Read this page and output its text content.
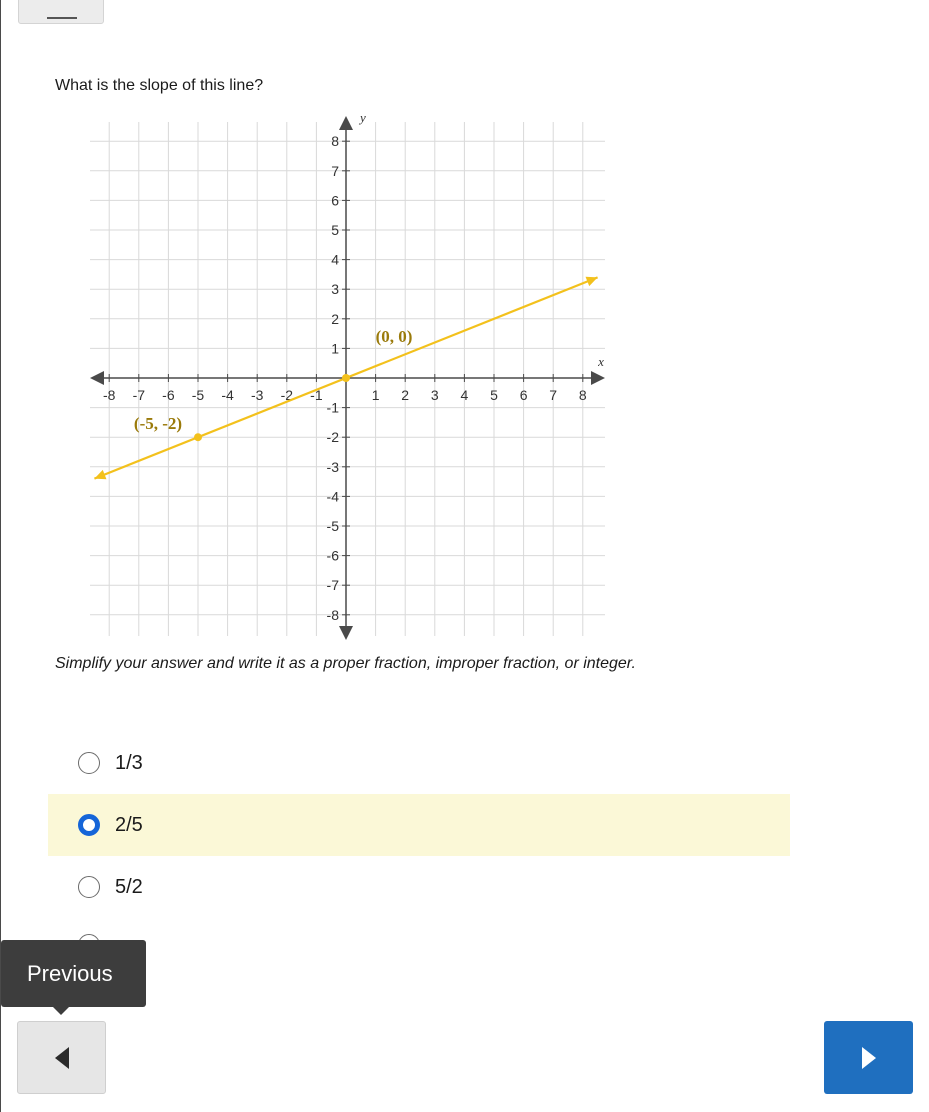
What is the slope of this line?
-8 -7 -6 -5 -4 -3 -2 -1	1 2 3 4 5 6 7 8
8
7
6
5
4
3
2
1
-1
-2
-3
-4
-5
-6
-7
-8
x
y
(0, 0)
(-5, -2)
Simplify your answer and write it as a proper fraction, improper fraction, or integer.
1/3
2/5
5/2
Previous
